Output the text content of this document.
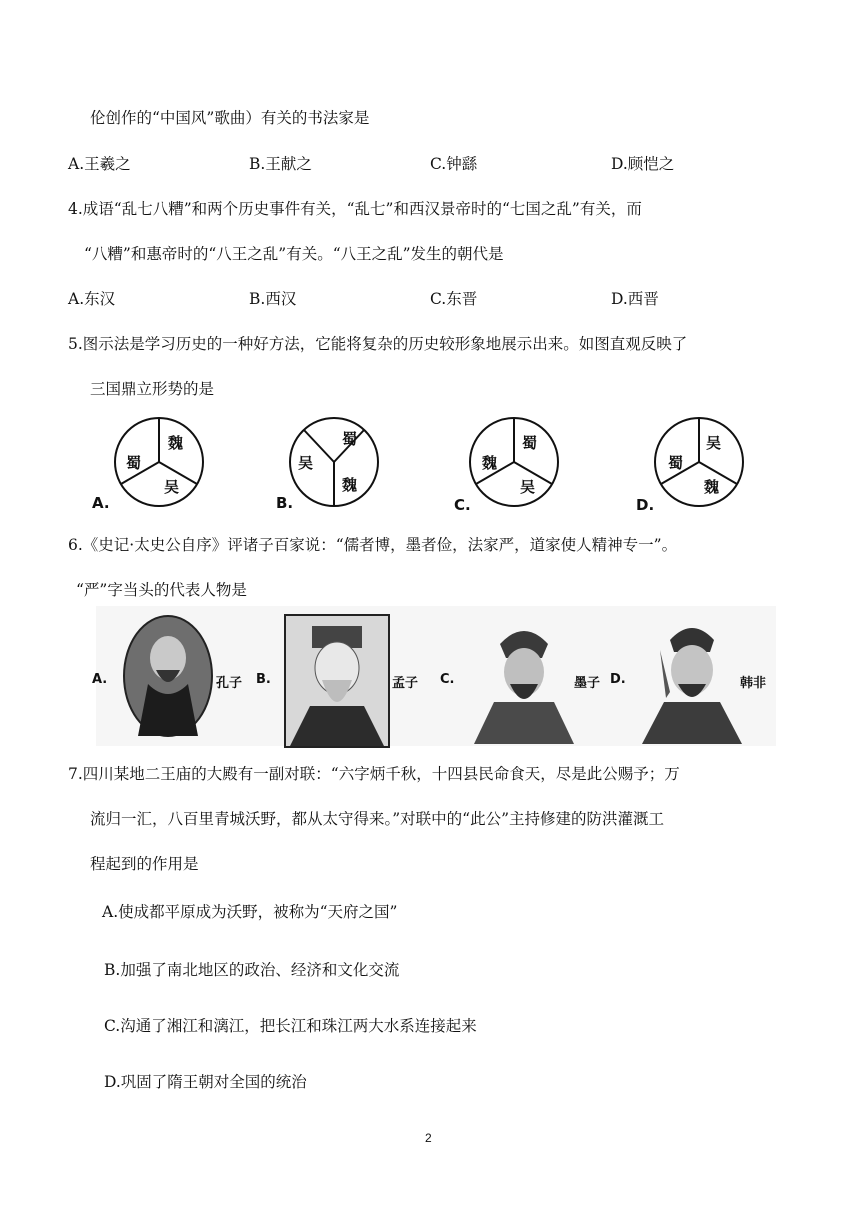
伦创作的“中国风”歌曲）有关的书法家是
A.王羲之	B.王献之	C.钟繇	D.顾恺之
4.成语“乱七八糟”和两个历史事件有关，“乱七”和西汉景帝时的“七国之乱”有关，而
“八糟”和惠帝时的“八王之乱”有关。“八王之乱”发生的朝代是
A.东汉	B.西汉	C.东晋	D.西晋
5.图示法是学习历史的一种好方法，它能将复杂的历史较形象地展示出来。如图直观反映了
三国鼎立形势的是
魏
蜀
吴
A.
蜀
吴
魏
B.
蜀
魏
吴
C.
吴
蜀
魏
D.
6.《史记·太史公自序》评诸子百家说：“儒者博，墨者俭，法家严，道家使人精神专一”。
“严”字当头的代表人物是
A.	孔子 B.	孟子 C.	墨子 D.	韩非
7.四川某地二王庙的大殿有一副对联：“六字炳千秋，十四县民命食天，尽是此公赐予；万
流归一汇，八百里青城沃野，都从太守得来。”对联中的“此公”主持修建的防洪灌溉工
程起到的作用是
A.使成都平原成为沃野，被称为“天府之国”
B.加强了南北地区的政治、经济和文化交流
C.沟通了湘江和漓江，把长江和珠江两大水系连接起来
D.巩固了隋王朝对全国的统治
2
